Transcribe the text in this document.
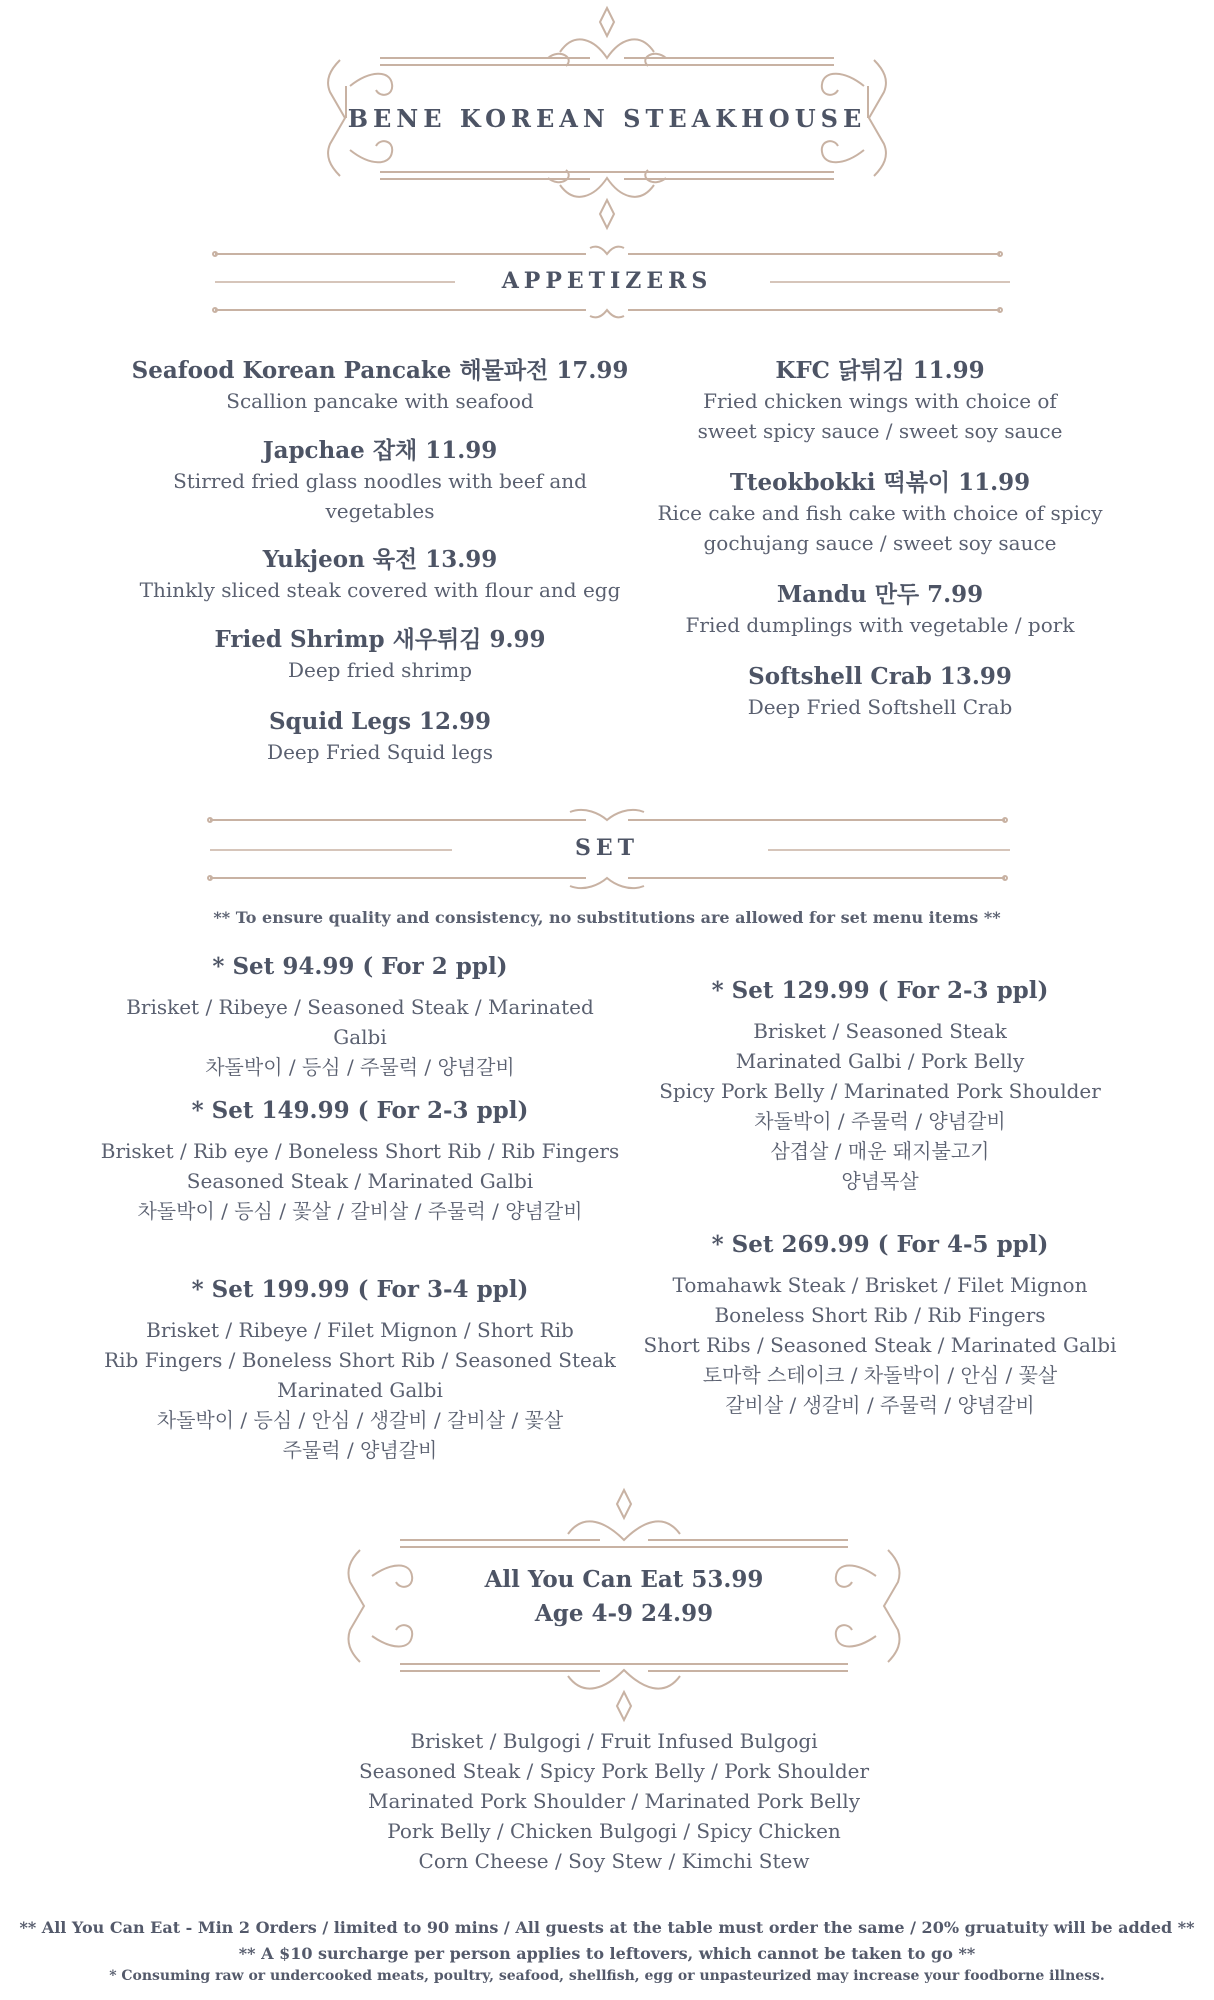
BENE KOREAN STEAKHOUSE
APPETIZERS
Seafood Korean Pancake 해물파전 17.99
Scallion pancake with seafood
Japchae 잡채 11.99
Stirred fried glass noodles with beef and
vegetables
Yukjeon 육전 13.99
Thinkly sliced steak covered with flour and egg
Fried Shrimp 새우튀김 9.99
Deep fried shrimp
Squid Legs 12.99
Deep Fried Squid legs
KFC 닭튀김 11.99
Fried chicken wings with choice of
sweet spicy sauce / sweet soy sauce
Tteokbokki 떡볶이 11.99
Rice cake and fish cake with choice of spicy
gochujang sauce / sweet soy sauce
Mandu 만두 7.99
Fried dumplings with vegetable / pork
Softshell Crab 13.99
Deep Fried Softshell Crab
SET
** To ensure quality and consistency, no substitutions are allowed for set menu items **
* Set 94.99 ( For 2 ppl)
Brisket / Ribeye / Seasoned Steak / Marinated Galbi
차돌박이 / 등심 / 주물럭 / 양념갈비
* Set 149.99 ( For 2-3 ppl)
Brisket / Rib eye / Boneless Short Rib / Rib Fingers
Seasoned Steak / Marinated Galbi
차돌박이 / 등심 / 꽃살 / 갈비살 / 주물럭 / 양념갈비
* Set 199.99 ( For 3-4 ppl)
Brisket / Ribeye / Filet Mignon / Short Rib
Rib Fingers / Boneless Short Rib / Seasoned Steak
Marinated Galbi
차돌박이 / 등심 / 안심 / 생갈비 / 갈비살 / 꽃살
주물럭 / 양념갈비
* Set 129.99 ( For 2-3 ppl)
Brisket / Seasoned Steak
Marinated Galbi / Pork Belly
Spicy Pork Belly / Marinated Pork Shoulder
차돌박이 / 주물럭 / 양념갈비
삼겹살 / 매운 돼지불고기
양념목살
* Set 269.99 ( For 4-5 ppl)
Tomahawk Steak / Brisket / Filet Mignon
Boneless Short Rib / Rib Fingers
Short Ribs / Seasoned Steak / Marinated Galbi
토마학 스테이크 / 차돌박이 / 안심 / 꽃살
갈비살 / 생갈비 / 주물럭 / 양념갈비
All You Can Eat 53.99
Age 4-9 24.99
Brisket / Bulgogi / Fruit Infused Bulgogi
Seasoned Steak / Spicy Pork Belly / Pork Shoulder
Marinated Pork Shoulder / Marinated Pork Belly
Pork Belly / Chicken Bulgogi / Spicy Chicken
Corn Cheese / Soy Stew / Kimchi Stew
** All You Can Eat - Min 2 Orders / limited to 90 mins / All guests at the table must order the same / 20% gruatuity will be added **
** A $10 surcharge per person applies to leftovers, which cannot be taken to go **
* Consuming raw or undercooked meats, poultry, seafood, shellfish, egg or unpasteurized may increase your foodborne illness.
